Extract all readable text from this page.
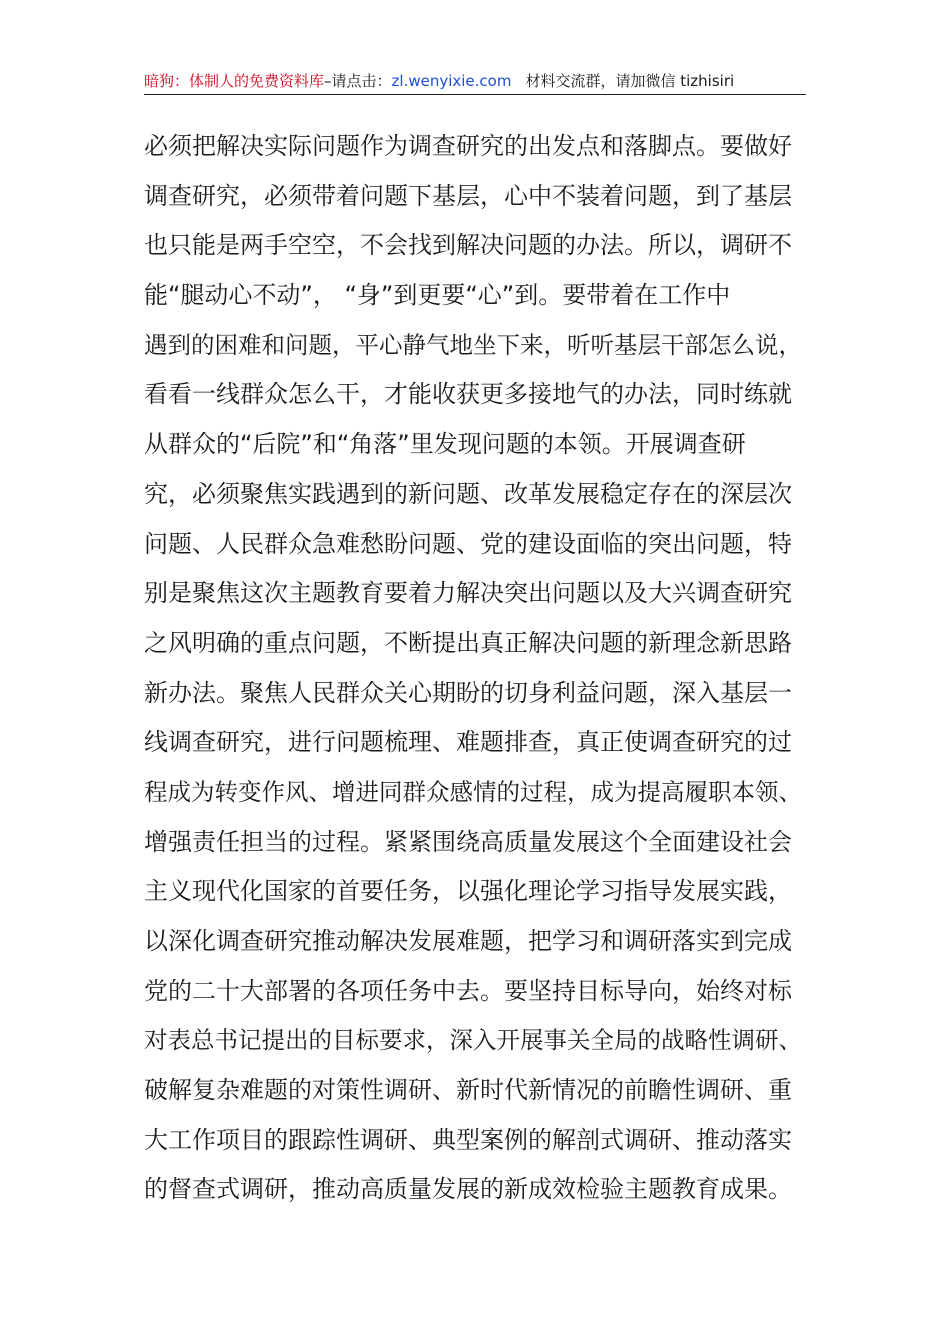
暗狗：体制人的免费资料库–请点击：zl.wenyixie.com 材料交流群，请加微信 tizhisiri
必须把解决实际问题作为调查研究的出发点和落脚点。要做好
调查研究，必须带着问题下基层，心中不装着问题，到了基层
也只能是两手空空，不会找到解决问题的办法。所以，调研不
能“腿动心不动”， “身”到更要“心”到。要带着在工作中
遇到的困难和问题，平心静气地坐下来，听听基层干部怎么说，
看看一线群众怎么干，才能收获更多接地气的办法，同时练就
从群众的“后院”和“角落”里发现问题的本领。开展调查研
究，必须聚焦实践遇到的新问题、改革发展稳定存在的深层次
问题、人民群众急难愁盼问题、党的建设面临的突出问题，特
别是聚焦这次主题教育要着力解决突出问题以及大兴调查研究
之风明确的重点问题，不断提出真正解决问题的新理念新思路
新办法。聚焦人民群众关心期盼的切身利益问题，深入基层一
线调查研究，进行问题梳理、难题排查，真正使调查研究的过
程成为转变作风、增进同群众感情的过程，成为提高履职本领、
增强责任担当的过程。紧紧围绕高质量发展这个全面建设社会
主义现代化国家的首要任务，以强化理论学习指导发展实践，
以深化调查研究推动解决发展难题，把学习和调研落实到完成
党的二十大部署的各项任务中去。要坚持目标导向，始终对标
对表总书记提出的目标要求，深入开展事关全局的战略性调研、
破解复杂难题的对策性调研、新时代新情况的前瞻性调研、重
大工作项目的跟踪性调研、典型案例的解剖式调研、推动落实
的督查式调研，推动高质量发展的新成效检验主题教育成果。
